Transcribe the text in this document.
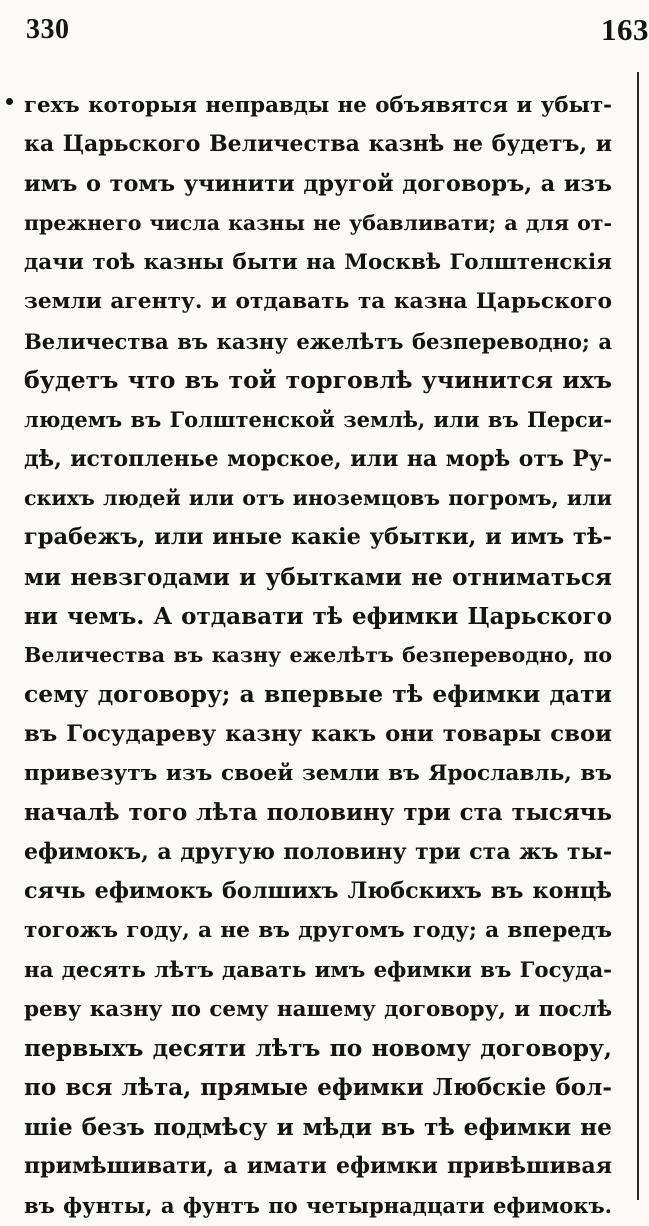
330	163
гехъ которыя неправды не объявятся и убыт-
ка Царьского Величества казнѣ не будетъ, и
имъ о томъ учинити другой договоръ, а изъ
прежнего числа казны не убавливати; а для от-
дачи тоѣ казны быти на Москвѣ Голштенскія
земли агенту. и отдавать та казна Царьского
Величества въ казну ежелѣтъ безпереводно; а
будетъ что въ той торговлѣ учинится ихъ
людемъ въ Голштенской землѣ, или въ Перси-
дѣ, истопленье морское, или на морѣ отъ Ру-
скихъ людей или отъ иноземцовъ погромъ, или
грабежъ, или иные какіе убытки, и имъ тѣ-
ми невзгодами и убытками не отниматься
ни чемъ. А отдавати тѣ ефимки Царьского
Величества въ казну ежелѣтъ безпереводно, по
сему договору; а впервые тѣ ефимки дати
въ Государеву казну какъ они товары свои
привезутъ изъ своей земли въ Ярославль, въ
началѣ того лѣта половину три ста тысячь
ефимокъ, а другую половину три ста жъ ты-
сячь ефимокъ болшихъ Любскихъ въ концѣ
тогожъ году, а не въ другомъ году; а впередъ
на десять лѣтъ давать имъ ефимки въ Госуда-
реву казну по сему нашему договору, и послѣ
первыхъ десяти лѣтъ по новому договору,
по вся лѣта, прямые ефимки Любскіе бол-
шіе безъ подмѣсу и мѣди въ тѣ ефимки не
примѣшивати, а имати ефимки привѣшивая
въ фунты, а фунтъ по четырнадцати ефимокъ.
